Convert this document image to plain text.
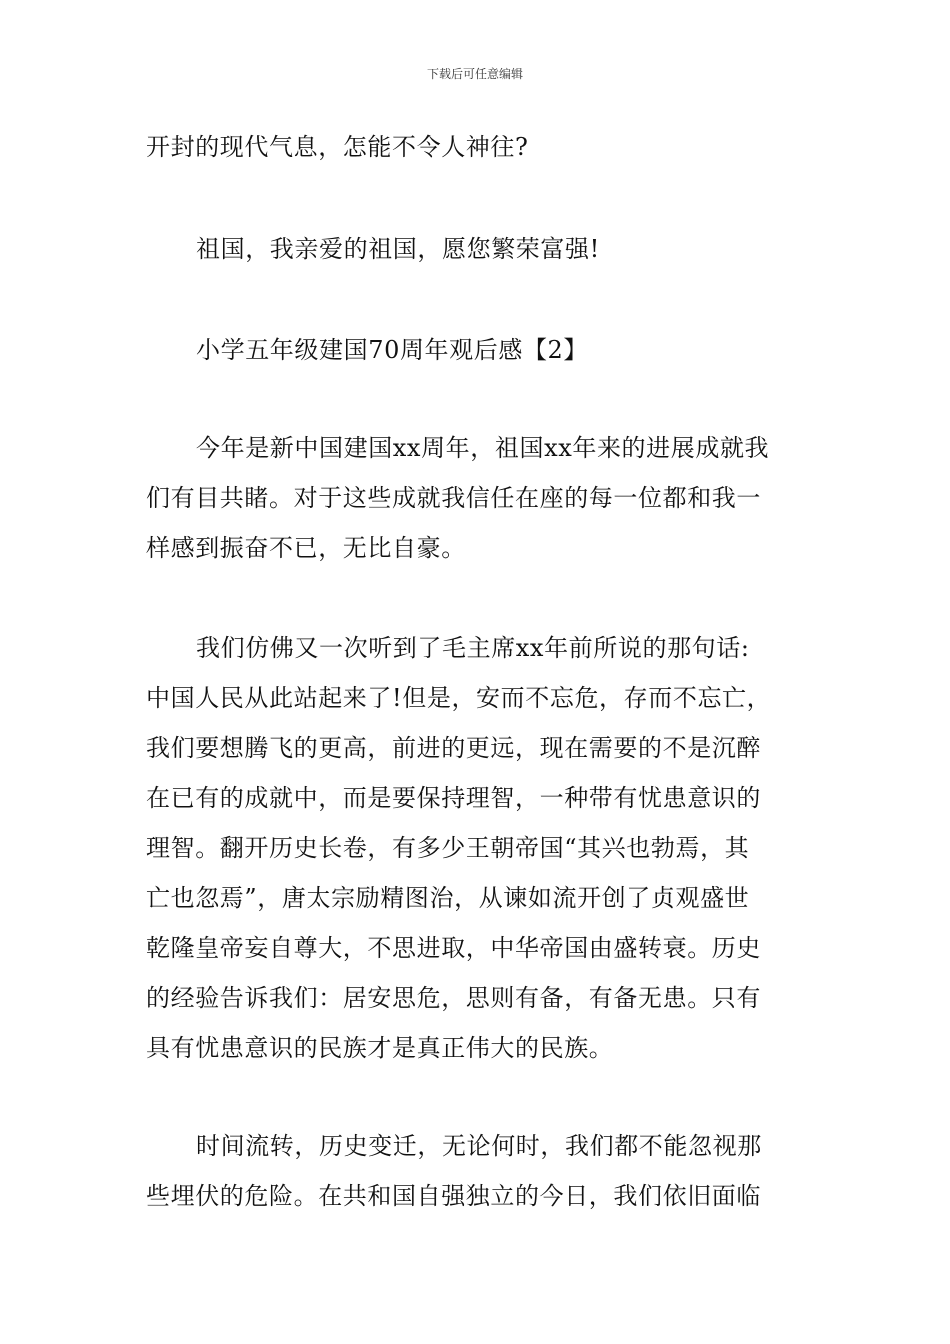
下载后可任意编辑
开封的现代气息，怎能不令人神往?
祖国，我亲爱的祖国，愿您繁荣富强!
小学五年级建国70周年观后感【2】
今年是新中国建国xx周年，祖国xx年来的进展成就我
们有目共睹。对于这些成就我信任在座的每一位都和我一
样感到振奋不已，无比自豪。
我们仿佛又一次听到了毛主席xx年前所说的那句话:
中国人民从此站起来了!但是，安而不忘危，存而不忘亡，
我们要想腾飞的更高，前进的更远，现在需要的不是沉醉
在已有的成就中，而是要保持理智，一种带有忧患意识的
理智。翻开历史长卷，有多少王朝帝国“其兴也勃焉，其
亡也忽焉”，唐太宗励精图治，从谏如流开创了贞观盛世
乾隆皇帝妄自尊大，不思进取，中华帝国由盛转衰。历史
的经验告诉我们：居安思危，思则有备，有备无患。只有
具有忧患意识的民族才是真正伟大的民族。
时间流转，历史变迁，无论何时，我们都不能忽视那
些埋伏的危险。在共和国自强独立的今日，我们依旧面临
